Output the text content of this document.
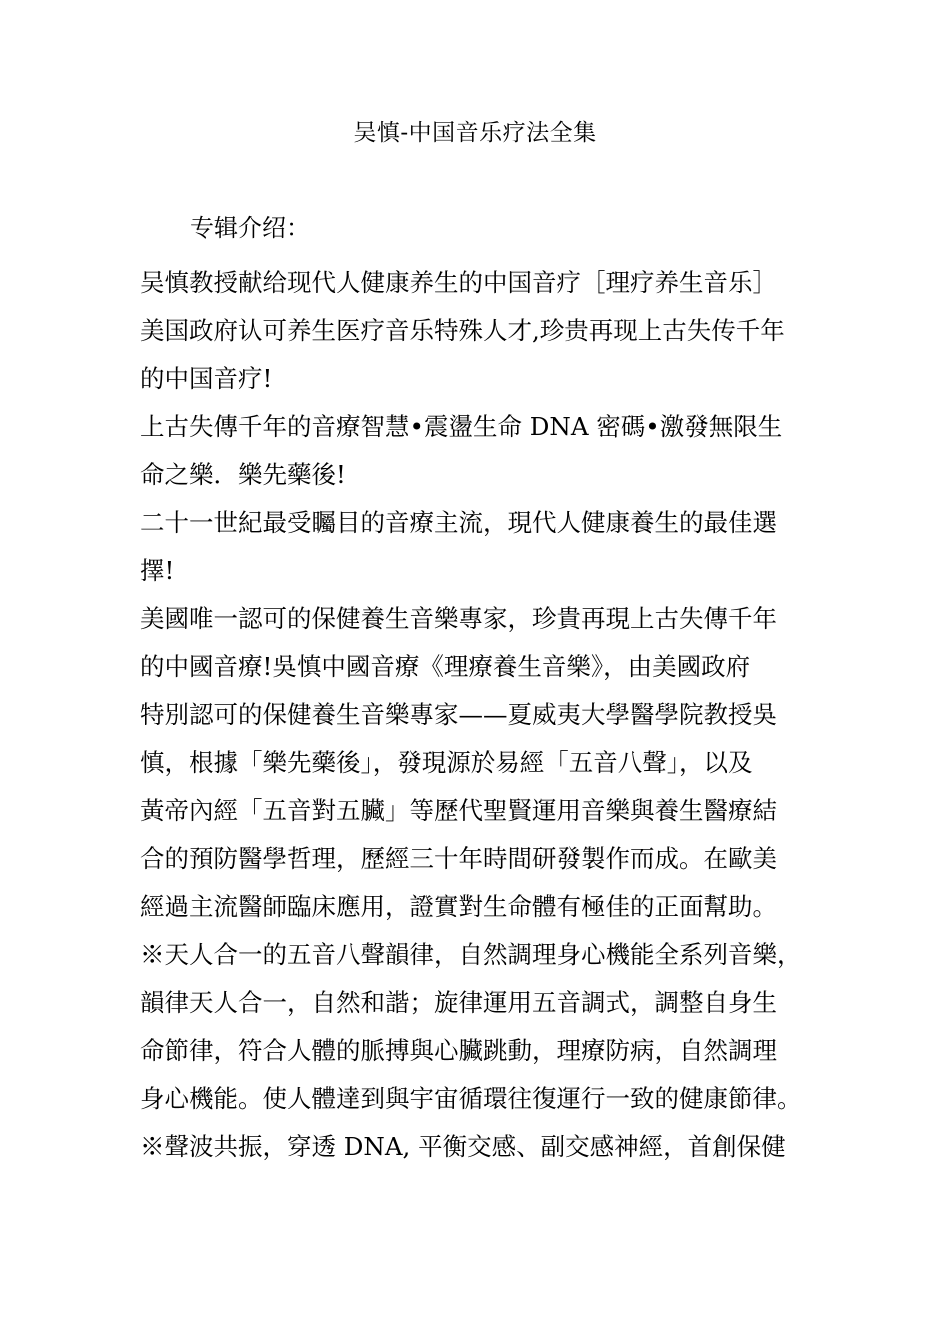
吴慎-中国音乐疗法全集
专辑介绍：
吴慎教授献给现代人健康养生的中国音疗［理疗养生音乐］
美国政府认可养生医疗音乐特殊人才,珍贵再现上古失传千年
的中国音疗!
上古失傳千年的音療智慧•震盪生命 DNA 密碼•激發無限生
命之樂．樂先藥後!
二十一世紀最受矚目的音療主流，現代人健康養生的最佳選
擇!
美國唯一認可的保健養生音樂專家，珍貴再現上古失傳千年
的中國音療!吳慎中國音療《理療養生音樂》，由美國政府
特別認可的保健養生音樂專家——夏威夷大學醫學院教授吳
慎，根據「樂先藥後」，發現源於易經「五音八聲」，以及
黃帝內經「五音對五臟」等歷代聖賢運用音樂與養生醫療結
合的預防醫學哲理，歷經三十年時間研發製作而成。在歐美
經過主流醫師臨床應用，證實對生命體有極佳的正面幫助。
※天人合一的五音八聲韻律，自然調理身心機能全系列音樂，
韻律天人合一，自然和諧；旋律運用五音調式，調整自身生
命節律，符合人體的脈搏與心臟跳動，理療防病，自然調理
身心機能。使人體達到與宇宙循環往復運行一致的健康節律。
※聲波共振，穿透 DNA, 平衡交感、副交感神經，首創保健
